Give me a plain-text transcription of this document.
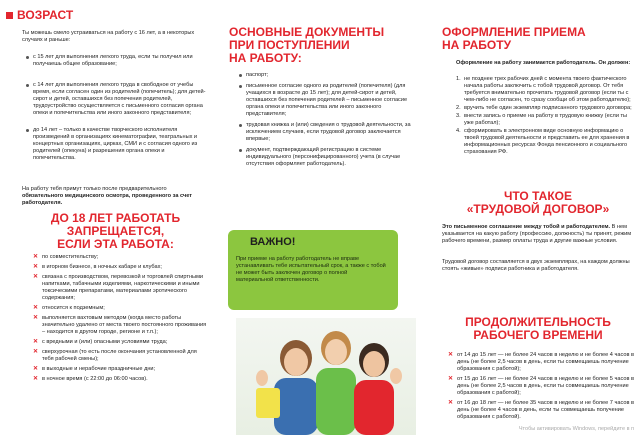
ВОЗРАСТ
Ты можешь смело устраиваться на работу с 16 лет, а в некоторых случаях и раньше:
с 15 лет для выполнения легкого труда, если ты получил или получаешь общее образование;
с 14 лет для выполнения легкого труда в свободное от учебы время, если согласен один из родителей (попечитель); для детей-сирот и детей, оставшихся без попечения родителей, трудоустройство осуществляется с письменного согласия органа опеки и попечительства или иного законного представителя;
до 14 лет – только в качестве творческого исполнителя произведений в организациях кинематографии, театральных и концертных организациях, цирках, СМИ и с согласия одного из родителей (опекуна) и разрешения органа опеки и попечительства.
На работу тебя примут только после предварительного обязательного медицинского осмотра, проведенного за счет работодателя.
ДО 18 ЛЕТ РАБОТАТЬ
ЗАПРЕЩАЕТСЯ,
ЕСЛИ ЭТА РАБОТА:
✕ по совместительству;
✕ в игорном бизнесе, в ночных кабаре и клубах;
✕ связана с производством, перевозкой и торговлей спиртными напитками, табачными изделиями, наркотическими и иными токсическими препаратами, материалами эротического содержания;
✕ относится к подземным;
✕ выполняется вахтовым методом (когда место работы значительно удалено от места твоего постоянного проживания – находится в другом городе, регионе и т.п.);
✕ с вредными и (или) опасными условиями труда;
✕ сверхурочная (то есть после окончания установленной для тебя рабочей смены);
✕ в выходные и нерабочие праздничные дни;
✕ в ночное время (с 22:00 до 06:00 часов).
ОСНОВНЫЕ ДОКУМЕНТЫ
ПРИ ПОСТУПЛЕНИИ
НА РАБОТУ:
паспорт;
письменное согласие одного из родителей (попечителя) (для учащихся в возрасте до 15 лет); для детей-сирот и детей, оставшихся без попечения родителей – письменное согласие органа опеки и попечительства или иного законного представителя;
трудовая книжка и (или) сведения о трудовой деятельности, за исключением случаев, если трудовой договор заключается впервые;
документ, подтверждающий регистрацию в системе индивидуального (персонифицированного) учета (в случае отсутствия оформляет работодатель).
ВАЖНО!
При приеме на работу работодатель не вправе устанавливать тебе испытательный срок, а также с тобой не может быть заключен договор о полной материальной ответственности.
ОФОРМЛЕНИЕ ПРИЕМА
НА РАБОТУ
Оформление на работу занимается работодатель. Он должен:
1. не позднее трех рабочих дней с момента твоего фактического начала работы заключить с тобой трудовой договор. От тебя требуется внимательно прочитать трудовой договор (если ты с чем-либо не согласен, то сразу сообщи об этом работодателю);
2. вручить тебе один экземпляр подписанного трудового договора;
3. внести запись о приеме на работу в трудовую книжку (если ты уже работал);
4. сформировать в электронном виде основную информацию о твоей трудовой деятельности и представить ее для хранения в информационных ресурсах Фонда пенсионного и социального страхования РФ.
ЧТО ТАКОЕ
«ТРУДОВОЙ ДОГОВОР»
Это письменное соглашение между тобой и работодателем. В нем указывается на какую работу (профессию, должность) ты принят, режим рабочего времени, размер оплаты труда и другие важные условия.
Трудовой договор составляется в двух экземплярах, на каждом должны стоять «живые» подписи работника и работодателя.
ПРОДОЛЖИТЕЛЬНОСТЬ
РАБОЧЕГО ВРЕМЕНИ
✕ от 14 до 15 лет — не более 24 часов в неделю и не более 4 часов в день (не более 2,5 часов в день, если ты совмещаешь получение образования с работой);
✕ от 15 до 16 лет — не более 24 часов в неделю и не более 5 часов в день (не более 2,5 часов в день, если ты совмещаешь получение образования с работой);
✕ от 16 до 18 лет — не более 35 часов в неделю и не более 7 часов в день (не более 4 часов в день, если ты совмещаешь получение образования с работой).
Чтобы активировать Windows, перейдите в п
